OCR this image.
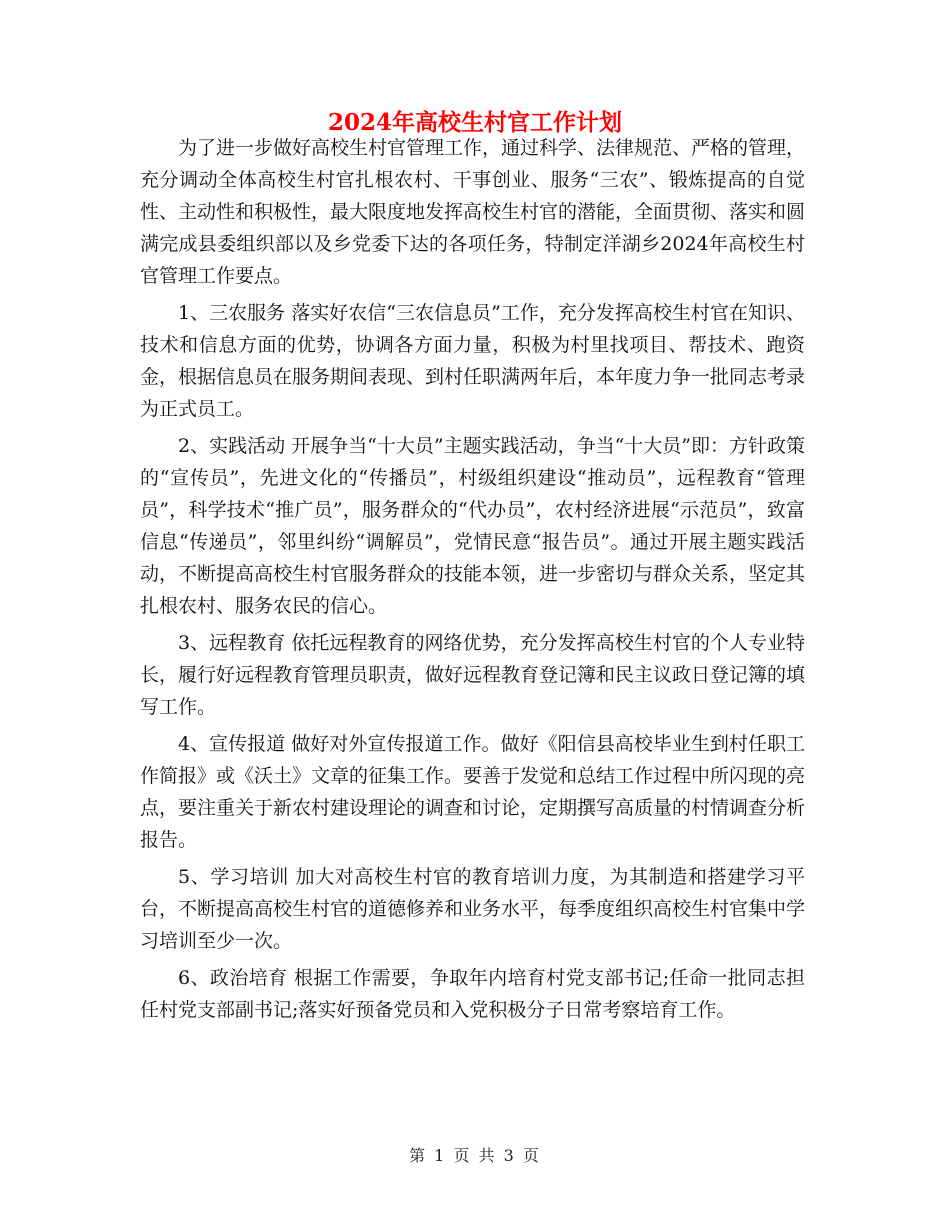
2024年高校生村官工作计划

为了进一步做好高校生村官管理工作，通过科学、法律规范、严格的管理，充分调动全体高校生村官扎根农村、干事创业、服务“三农”、锻炼提高的自觉性、主动性和积极性，最大限度地发挥高校生村官的潜能，全面贯彻、落实和圆满完成县委组织部以及乡党委下达的各项任务，特制定洋湖乡2024年高校生村官管理工作要点。

1、三农服务 落实好农信“三农信息员”工作，充分发挥高校生村官在知识、技术和信息方面的优势，协调各方面力量，积极为村里找项目、帮技术、跑资金，根据信息员在服务期间表现、到村任职满两年后，本年度力争一批同志考录为正式员工。

2、实践活动 开展争当“十大员”主题实践活动，争当“十大员”即：方针政策的“宣传员”，先进文化的“传播员”，村级组织建设“推动员”，远程教育“管理员”，科学技术“推广员”，服务群众的“代办员”，农村经济进展“示范员”，致富信息“传递员”，邻里纠纷“调解员”，党情民意“报告员”。通过开展主题实践活动，不断提高高校生村官服务群众的技能本领，进一步密切与群众关系，坚定其扎根农村、服务农民的信心。

3、远程教育 依托远程教育的网络优势，充分发挥高校生村官的个人专业特长，履行好远程教育管理员职责，做好远程教育登记簿和民主议政日登记簿的填写工作。

4、宣传报道 做好对外宣传报道工作。做好《阳信县高校毕业生到村任职工作简报》或《沃土》文章的征集工作。要善于发觉和总结工作过程中所闪现的亮点，要注重关于新农村建设理论的调查和讨论，定期撰写高质量的村情调查分析报告。

5、学习培训 加大对高校生村官的教育培训力度，为其制造和搭建学习平台，不断提高高校生村官的道德修养和业务水平，每季度组织高校生村官集中学习培训至少一次。

6、政治培育 根据工作需要，争取年内培育村党支部书记;任命一批同志担任村党支部副书记;落实好预备党员和入党积极分子日常考察培育工作。

第 1 页 共 3 页
